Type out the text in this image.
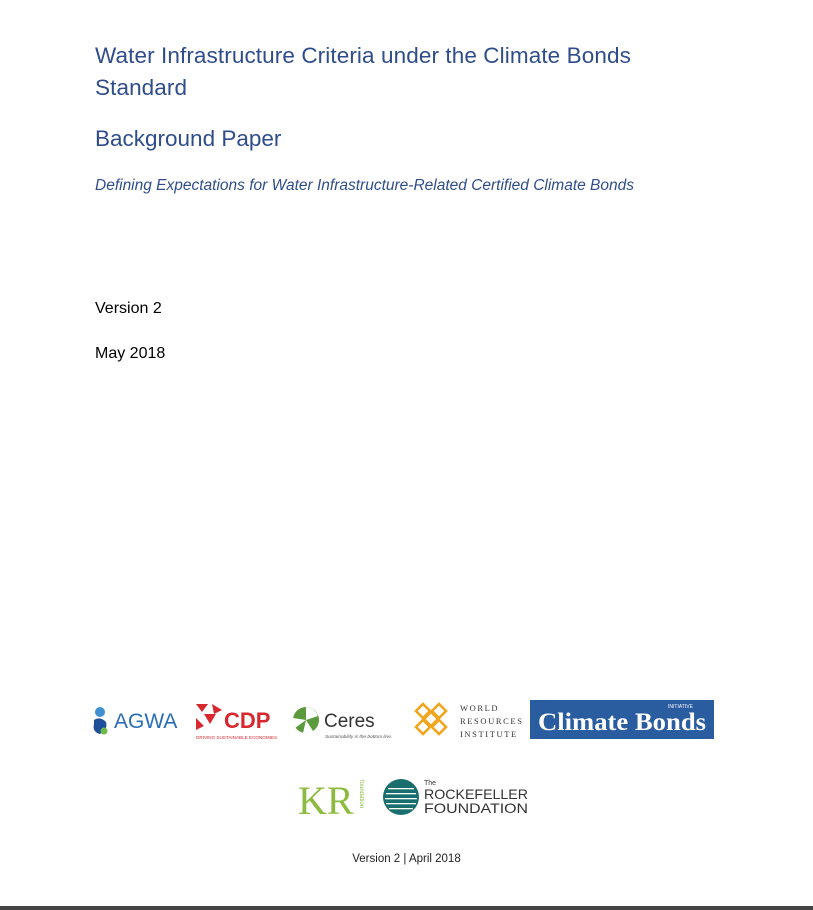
Water Infrastructure Criteria under the Climate Bonds Standard
Background Paper
Defining Expectations for Water Infrastructure-Related Certified Climate Bonds
Version 2
May 2018
AGWA CDP
DRIVING SUSTAINABLE ECONOMIES
Ceres
Sustainability is the bottom line.
WORLD
RESOURCES
INSTITUTE Climate Bonds
INITIATIVE
KR foundation	The
ROCKEFELLER
FOUNDATION
Version 2 | April 2018
